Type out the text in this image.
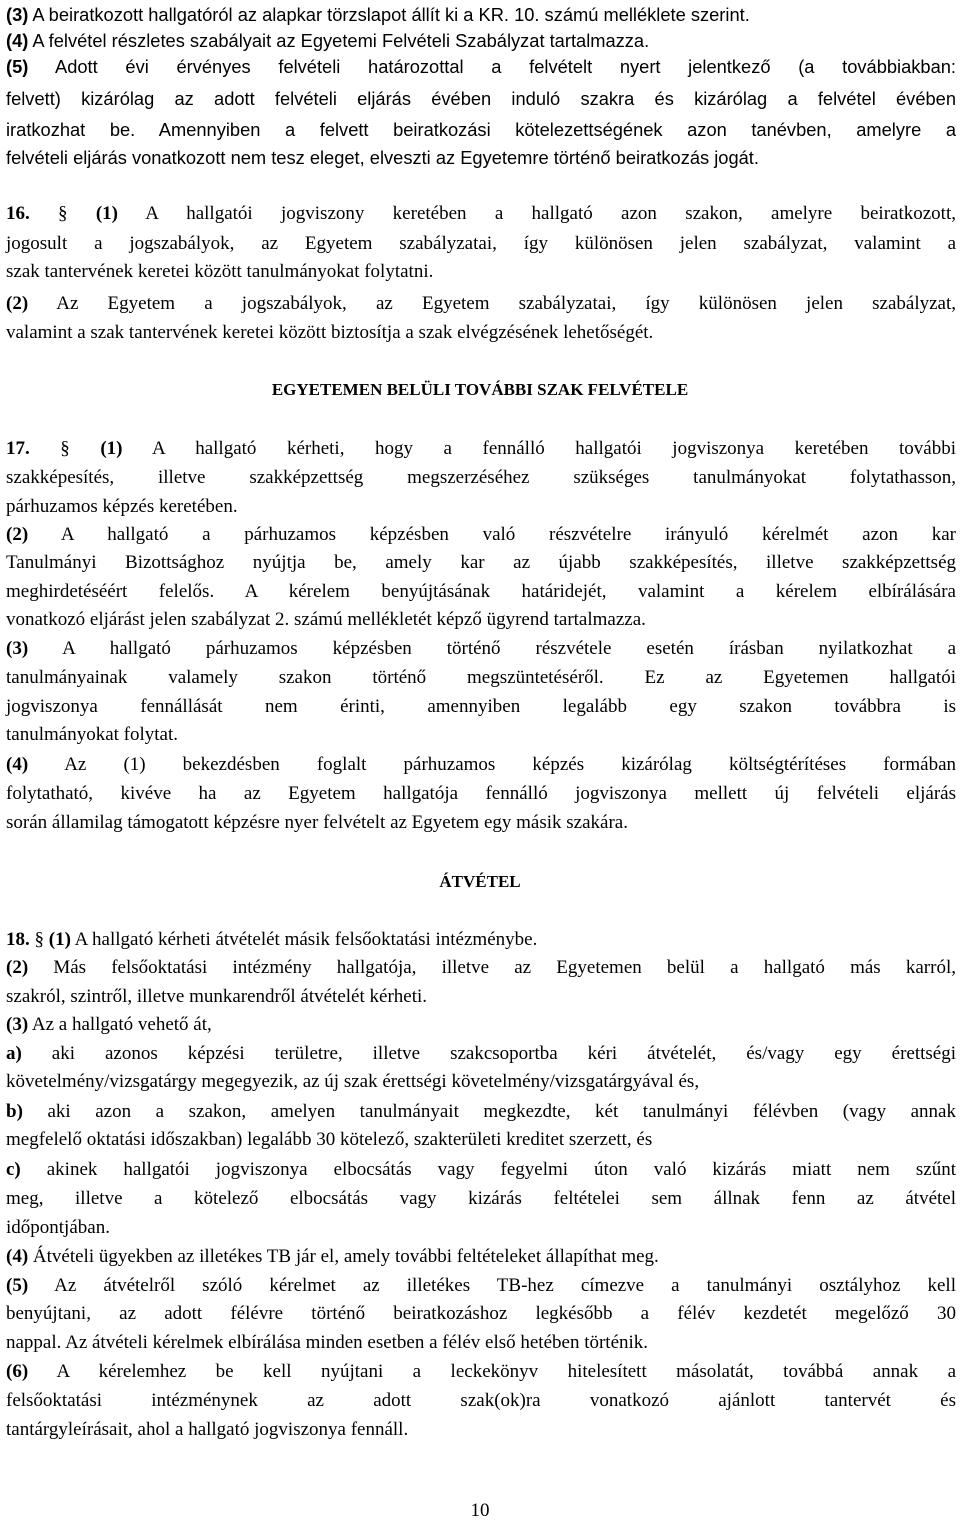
(3) A beiratkozott hallgatóról az alapkar törzslapot állít ki a KR. 10. számú melléklete szerint.
(4) A felvétel részletes szabályait az Egyetemi Felvételi Szabályzat tartalmazza.
(5) Adott évi érvényes felvételi határozottal a felvételt nyert jelentkező (a továbbiakban:
felvett) kizárólag az adott felvételi eljárás évében induló szakra és kizárólag a felvétel évében
iratkozhat be. Amennyiben a felvett beiratkozási kötelezettségének azon tanévben, amelyre a
felvételi eljárás vonatkozott nem tesz eleget, elveszti az Egyetemre történő beiratkozás jogát.
16. § (1) A hallgatói jogviszony keretében a hallgató azon szakon, amelyre beiratkozott,
jogosult a jogszabályok, az Egyetem szabályzatai, így különösen jelen szabályzat, valamint a
szak tantervének keretei között tanulmányokat folytatni.
(2) Az Egyetem a jogszabályok, az Egyetem szabályzatai, így különösen jelen szabályzat,
valamint a szak tantervének keretei között biztosítja a szak elvégzésének lehetőségét.
EGYETEMEN BELÜLI TOVÁBBI SZAK FELVÉTELE
17. § (1) A hallgató kérheti, hogy a fennálló hallgatói jogviszonya keretében további
szakképesítés, illetve szakképzettség megszerzéséhez szükséges tanulmányokat folytathasson,
párhuzamos képzés keretében.
(2) A hallgató a párhuzamos képzésben való részvételre irányuló kérelmét azon kar
Tanulmányi Bizottsághoz nyújtja be, amely kar az újabb szakképesítés, illetve szakképzettség
meghirdetéséért felelős. A kérelem benyújtásának határidejét, valamint a kérelem elbírálására
vonatkozó eljárást jelen szabályzat 2. számú mellékletét képző ügyrend tartalmazza.
(3) A hallgató párhuzamos képzésben történő részvétele esetén írásban nyilatkozhat a
tanulmányainak valamely szakon történő megszüntetéséről. Ez az Egyetemen hallgatói
jogviszonya fennállását nem érinti, amennyiben legalább egy szakon továbbra is
tanulmányokat folytat.
(4) Az (1) bekezdésben foglalt párhuzamos képzés kizárólag költségtérítéses formában
folytatható, kivéve ha az Egyetem hallgatója fennálló jogviszonya mellett új felvételi eljárás
során államilag támogatott képzésre nyer felvételt az Egyetem egy másik szakára.
ÁTVÉTEL
18. § (1) A hallgató kérheti átvételét másik felsőoktatási intézménybe.
(2) Más felsőoktatási intézmény hallgatója, illetve az Egyetemen belül a hallgató más karról,
szakról, szintről, illetve munkarendről átvételét kérheti.
(3) Az a hallgató vehető át,
a) aki azonos képzési területre, illetve szakcsoportba kéri átvételét, és/vagy egy érettségi
követelmény/vizsgatárgy megegyezik, az új szak érettségi követelmény/vizsgatárgyával és,
b) aki azon a szakon, amelyen tanulmányait megkezdte, két tanulmányi félévben (vagy annak
megfelelő oktatási időszakban) legalább 30 kötelező, szakterületi kreditet szerzett, és
c) akinek hallgatói jogviszonya elbocsátás vagy fegyelmi úton való kizárás miatt nem szűnt
meg, illetve a kötelező elbocsátás vagy kizárás feltételei sem állnak fenn az átvétel
időpontjában.
(4) Átvételi ügyekben az illetékes TB jár el, amely további feltételeket állapíthat meg.
(5) Az átvételről szóló kérelmet az illetékes TB-hez címezve a tanulmányi osztályhoz kell
benyújtani, az adott félévre történő beiratkozáshoz legkésőbb a félév kezdetét megelőző 30
nappal. Az átvételi kérelmek elbírálása minden esetben a félév első hetében történik.
(6) A kérelemhez be kell nyújtani a leckekönyv hitelesített másolatát, továbbá annak a
felsőoktatási intézménynek az adott szak(ok)ra vonatkozó ajánlott tantervét és
tantárgyleírásait, ahol a hallgató jogviszonya fennáll.
10
